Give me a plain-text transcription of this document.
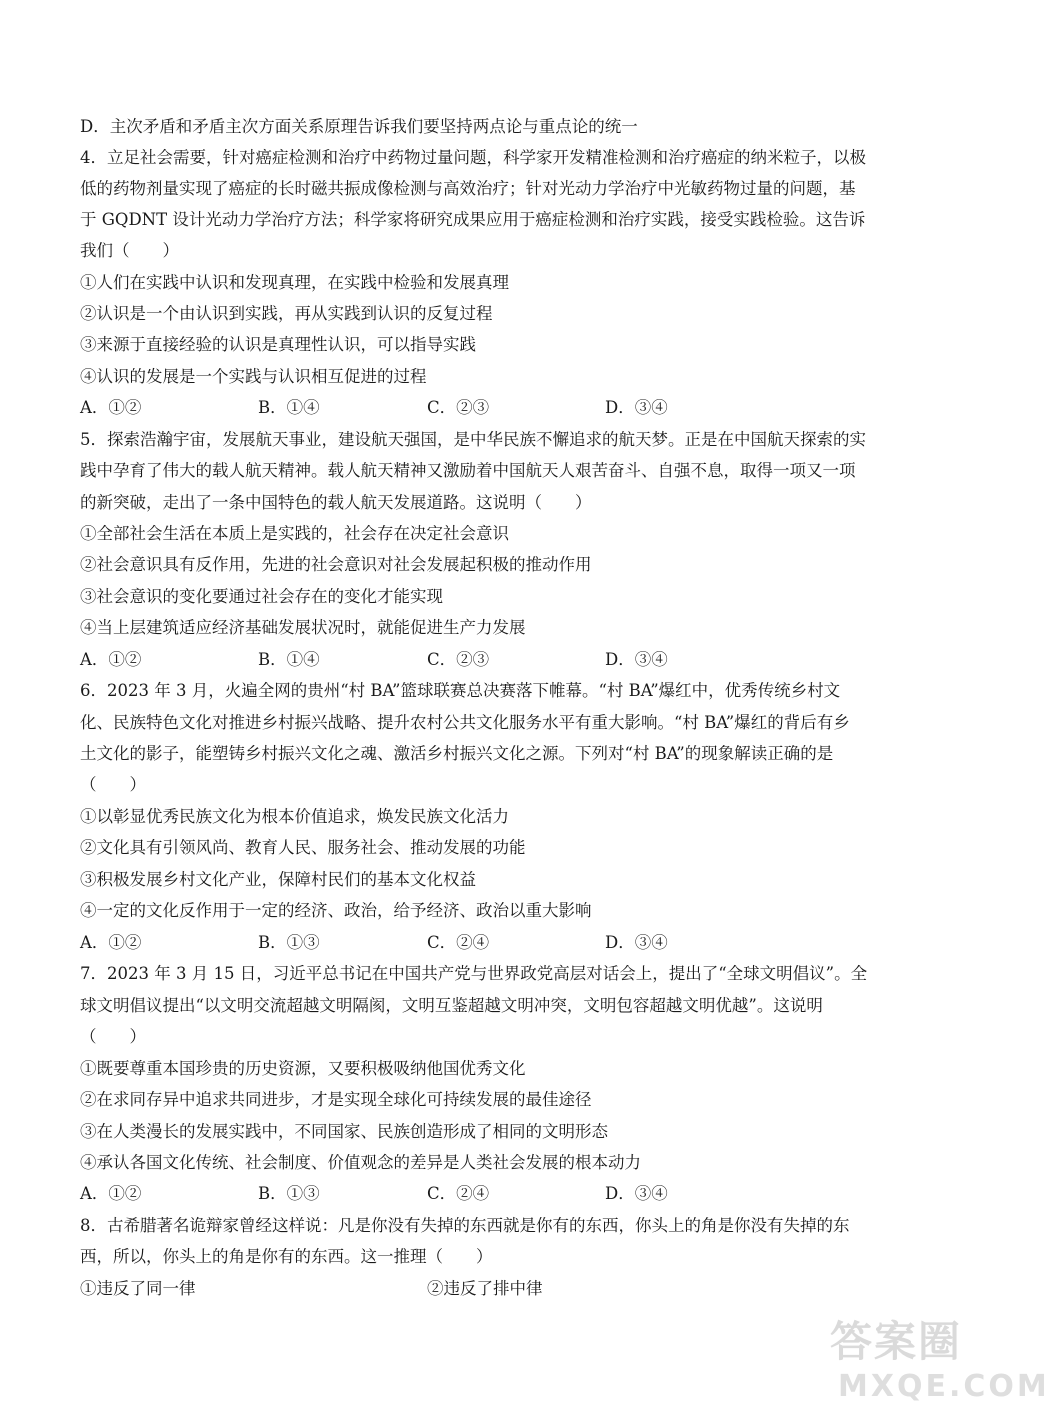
D．主次矛盾和矛盾主次方面关系原理告诉我们要坚持两点论与重点论的统一
4．立足社会需要，针对癌症检测和治疗中药物过量问题，科学家开发精准检测和治疗癌症的纳米粒子，以极
低的药物剂量实现了癌症的长时磁共振成像检测与高效治疗；针对光动力学治疗中光敏药物过量的问题，基
于 GQDNT 设计光动力学治疗方法；科学家将研究成果应用于癌症检测和治疗实践，接受实践检验。这告诉
我们（　　）
①人们在实践中认识和发现真理，在实践中检验和发展真理
②认识是一个由认识到实践，再从实践到认识的反复过程
③来源于直接经验的认识是真理性认识，可以指导实践
④认识的发展是一个实践与认识相互促进的过程
A．①②	B．①④	C．②③	D．③④
5．探索浩瀚宇宙，发展航天事业，建设航天强国，是中华民族不懈追求的航天梦。正是在中国航天探索的实
践中孕育了伟大的载人航天精神。载人航天精神又激励着中国航天人艰苦奋斗、自强不息，取得一项又一项
的新突破，走出了一条中国特色的载人航天发展道路。这说明（　　）
①全部社会生活在本质上是实践的，社会存在决定社会意识
②社会意识具有反作用，先进的社会意识对社会发展起积极的推动作用
③社会意识的变化要通过社会存在的变化才能实现
④当上层建筑适应经济基础发展状况时，就能促进生产力发展
A．①②	B．①④	C．②③	D．③④
6．2023 年 3 月，火遍全网的贵州“村 BA”篮球联赛总决赛落下帷幕。“村 BA”爆红中，优秀传统乡村文
化、民族特色文化对推进乡村振兴战略、提升农村公共文化服务水平有重大影响。“村 BA”爆红的背后有乡
土文化的影子，能塑铸乡村振兴文化之魂、激活乡村振兴文化之源。下列对“村 BA”的现象解读正确的是
（　　）
①以彰显优秀民族文化为根本价值追求，焕发民族文化活力
②文化具有引领风尚、教育人民、服务社会、推动发展的功能
③积极发展乡村文化产业，保障村民们的基本文化权益
④一定的文化反作用于一定的经济、政治，给予经济、政治以重大影响
A．①②	B．①③	C．②④	D．③④
7．2023 年 3 月 15 日，习近平总书记在中国共产党与世界政党高层对话会上，提出了“全球文明倡议”。全
球文明倡议提出“以文明交流超越文明隔阂，文明互鉴超越文明冲突，文明包容超越文明优越”。这说明
（　　）
①既要尊重本国珍贵的历史资源，又要积极吸纳他国优秀文化
②在求同存异中追求共同进步，才是实现全球化可持续发展的最佳途径
③在人类漫长的发展实践中，不同国家、民族创造形成了相同的文明形态
④承认各国文化传统、社会制度、价值观念的差异是人类社会发展的根本动力
A．①②	B．①③	C．②④	D．③④
8．古希腊著名诡辩家曾经这样说：凡是你没有失掉的东西就是你有的东西，你头上的角是你没有失掉的东
西，所以，你头上的角是你有的东西。这一推理（　　）
①违反了同一律	②违反了排中律
答案圈
MXQE.COM
